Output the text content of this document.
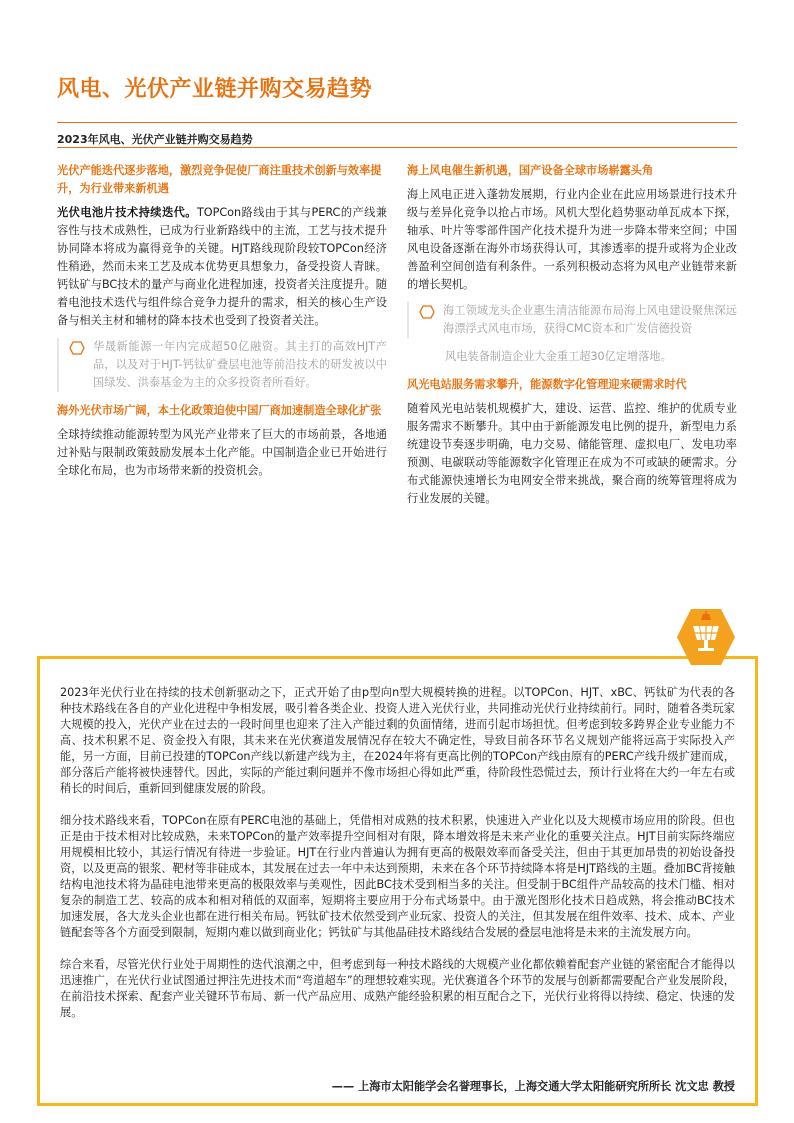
风电、光伏产业链并购交易趋势
2023年风电、光伏产业链并购交易趋势
光伏产能迭代逐步落地，激烈竞争促使厂商注重技术创新与效率提升，为行业带来新机遇
光伏电池片技术持续迭代。TOPCon路线由于其与PERC的产线兼容性与技术成熟性，已成为行业新路线中的主流，工艺与技术提升协同降本将成为赢得竞争的关键。HJT路线现阶段较TOPCon经济性稍逊，然而未来工艺及成本优势更具想象力，备受投资人青睐。钙钛矿与BC技术的量产与商业化进程加速，投资者关注度提升。随着电池技术迭代与组件综合竞争力提升的需求，相关的核心生产设备与相关主材和辅材的降本技术也受到了投资者关注。
华晟新能源一年内完成超50亿融资。其主打的高效HJT产品，以及对于HJT-钙钛矿叠层电池等前沿技术的研发被以中国绿发、洪泰基金为主的众多投资者所看好。
海外光伏市场广阔，本土化政策迫使中国厂商加速制造全球化扩张
全球持续推动能源转型为风光产业带来了巨大的市场前景，各地通过补贴与限制政策鼓励发展本土化产能。中国制造企业已开始进行全球化布局，也为市场带来新的投资机会。
海上风电催生新机遇，国产设备全球市场崭露头角
海上风电正进入蓬勃发展期，行业内企业在此应用场景进行技术升级与差异化竞争以抢占市场。风机大型化趋势驱动单瓦成本下探，轴承、叶片等零部件国产化技术提升为进一步降本带来空间；中国风电设备逐渐在海外市场获得认可，其渗透率的提升或将为企业改善盈利空间创造有利条件。一系列积极动态将为风电产业链带来新的增长契机。
海工领域龙头企业惠生清洁能源布局海上风电建设聚焦深远海漂浮式风电市场，获得CMC资本和广发信德投资
风电装备制造企业大金重工超30亿定增落地。
风光电站服务需求攀升，能源数字化管理迎来硬需求时代
随着风光电站装机规模扩大，建设、运营、监控、维护的优质专业服务需求不断攀升。其中由于新能源发电比例的提升，新型电力系统建设节奏逐步明确，电力交易、储能管理、虚拟电厂、发电功率预测、电碳联动等能源数字化管理正在成为不可或缺的硬需求。分布式能源快速增长为电网安全带来挑战，聚合商的统筹管理将成为行业发展的关键。

2023年光伏行业在持续的技术创新驱动之下，正式开始了由p型向n型大规模转换的进程。以TOPCon、HJT、xBC、钙钛矿为代表的各种技术路线在各自的产业化进程中争相发展，吸引着各类企业、投资人进入光伏行业，共同推动光伏行业持续前行。同时，随着各类玩家大规模的投入，光伏产业在过去的一段时间里也迎来了注入产能过剩的负面情绪，进而引起市场担忧。但考虑到较多跨界企业专业能力不高、技术积累不足、资金投入有限，其未来在光伏赛道发展情况存在较大不确定性，导致目前各环节名义规划产能将远高于实际投入产能，另一方面，目前已投建的TOPCon产线以新建产线为主，在2024年将有更高比例的TOPCon产线由原有的PERC产线升级扩建而成，部分落后产能将被快速替代。因此，实际的产能过剩问题并不像市场担心得如此严重，待阶段性恐慌过去，预计行业将在大约一年左右或稍长的时间后，重新回到健康发展的阶段。

细分技术路线来看，TOPCon在原有PERC电池的基础上，凭借相对成熟的技术积累，快速进入产业化以及大规模市场应用的阶段。但也正是由于技术相对比较成熟，未来TOPCon的量产效率提升空间相对有限，降本增效将是未来产业化的重要关注点。HJT目前实际终端应用规模相比较小，其运行情况有待进一步验证。HJT在行业内普遍认为拥有更高的极限效率而备受关注，但由于其更加昂贵的初始设备投资，以及更高的银浆、靶材等非硅成本，其发展在过去一年中未达到预期，未来在各个环节持续降本将是HJT路线的主题。叠加BC背接触结构电池技术将为晶硅电池带来更高的极限效率与美观性，因此BC技术受到相当多的关注。但受制于BC组件产品较高的技术门槛、相对复杂的制造工艺、较高的成本和相对稍低的双面率，短期将主要应用于分布式场景中。由于激光图形化技术日趋成熟，将会推动BC技术加速发展，各大龙头企业也都在进行相关布局。钙钛矿技术依然受到产业玩家、投资人的关注，但其发展在组件效率、技术、成本、产业链配套等各个方面受到限制，短期内难以做到商业化；钙钛矿与其他晶硅技术路线结合发展的叠层电池将是未来的主流发展方向。

综合来看，尽管光伏行业处于周期性的迭代浪潮之中，但考虑到每一种技术路线的大规模产业化都依赖着配套产业链的紧密配合才能得以迅速推广，在光伏行业试图通过押注先进技术而“弯道超车”的理想较难实现。光伏赛道各个环节的发展与创新都需要配合产业发展阶段，在前沿技术探索、配套产业关键环节布局、新一代产品应用、成熟产能经验积累的相互配合之下，光伏行业将得以持续、稳定、快速的发展。

—— 上海市太阳能学会名誉理事长，上海交通大学太阳能研究所所长 沈文忠 教授
